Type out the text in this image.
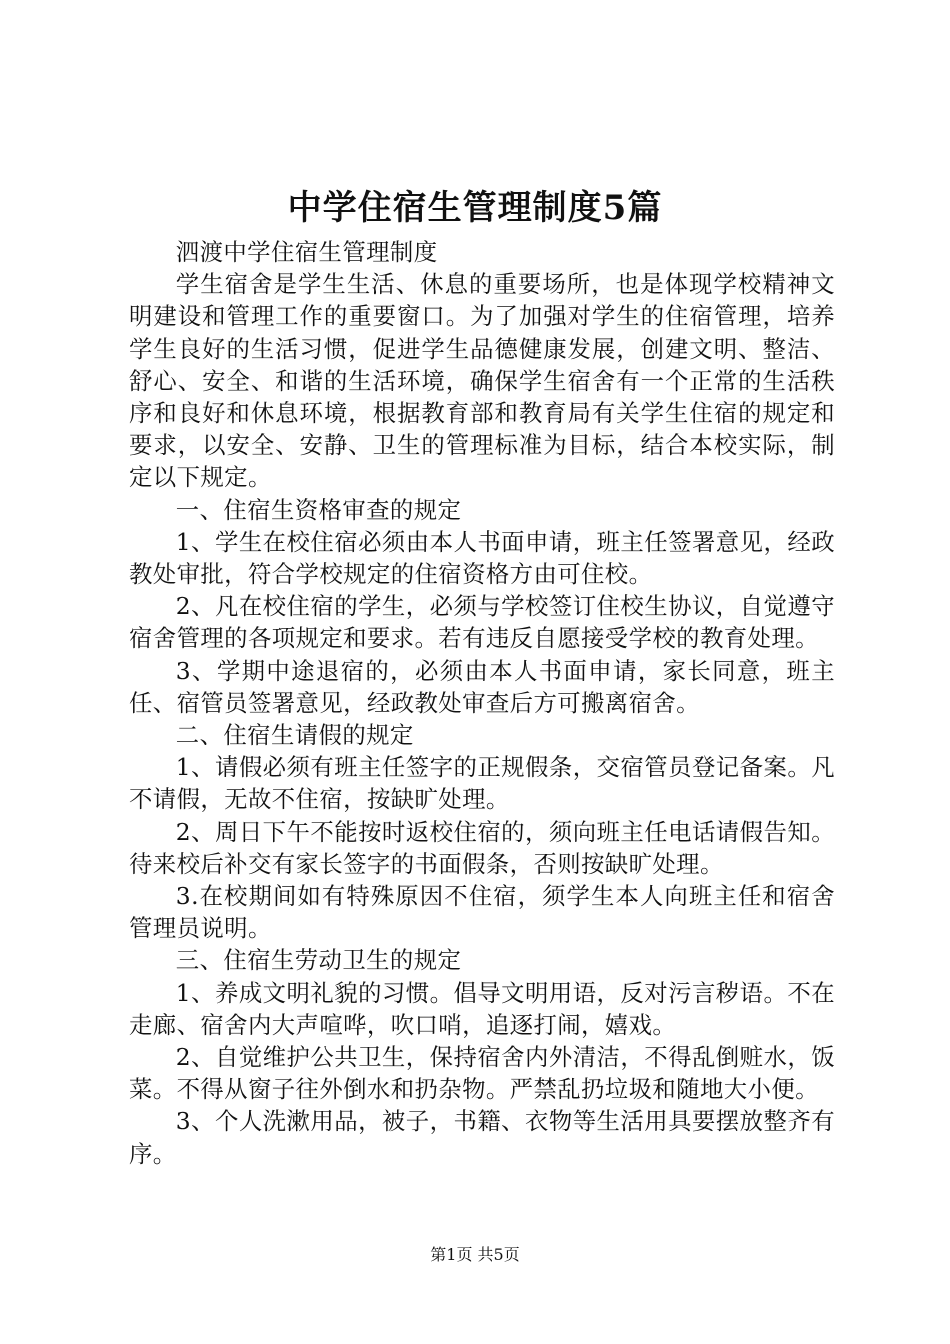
中学住宿生管理制度5篇

泗渡中学住宿生管理制度

学生宿舍是学生生活、休息的重要场所，也是体现学校精神文明建设和管理工作的重要窗口。为了加强对学生的住宿管理，培养学生良好的生活习惯，促进学生品德健康发展，创建文明、整洁、舒心、安全、和谐的生活环境，确保学生宿舍有一个正常的生活秩序和良好和休息环境，根据教育部和教育局有关学生住宿的规定和要求，以安全、安静、卫生的管理标准为目标，结合本校实际，制定以下规定。

一、住宿生资格审查的规定

1、学生在校住宿必须由本人书面申请，班主任签署意见，经政教处审批，符合学校规定的住宿资格方由可住校。

2、凡在校住宿的学生，必须与学校签订住校生协议，自觉遵守宿舍管理的各项规定和要求。若有违反自愿接受学校的教育处理。

3、学期中途退宿的，必须由本人书面申请，家长同意，班主任、宿管员签署意见，经政教处审查后方可搬离宿舍。

二、住宿生请假的规定

1、请假必须有班主任签字的正规假条，交宿管员登记备案。凡不请假，无故不住宿，按缺旷处理。

2、周日下午不能按时返校住宿的，须向班主任电话请假告知。待来校后补交有家长签字的书面假条，否则按缺旷处理。

3.在校期间如有特殊原因不住宿，须学生本人向班主任和宿舍管理员说明。

三、住宿生劳动卫生的规定

1、养成文明礼貌的习惯。倡导文明用语，反对污言秽语。不在走廊、宿舍内大声喧哗，吹口哨，追逐打闹，嬉戏。

2、自觉维护公共卫生，保持宿舍内外清洁，不得乱倒赃水，饭菜。不得从窗子往外倒水和扔杂物。严禁乱扔垃圾和随地大小便。

3、个人洗漱用品，被子，书籍、衣物等生活用具要摆放整齐有序。

第1页 共5页
